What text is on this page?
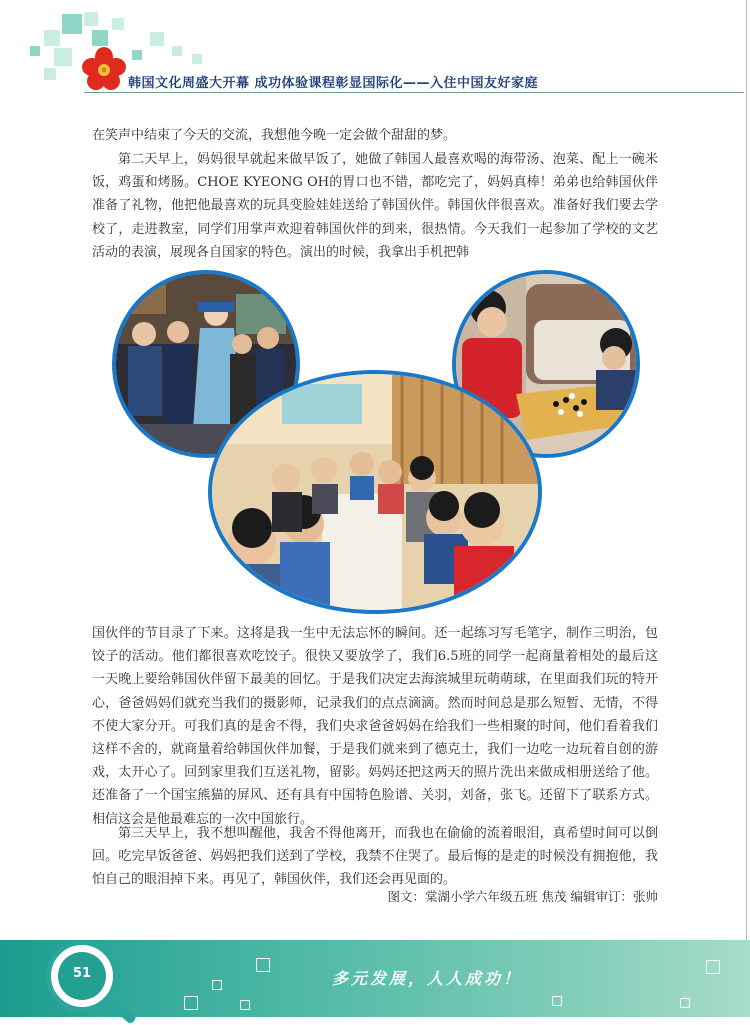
韩国文化周盛大开幕 成功体验课程彰显国际化——入住中国友好家庭

在笑声中结束了今天的交流，我想他今晚一定会做个甜甜的梦。

第二天早上，妈妈很早就起来做早饭了，她做了韩国人最喜欢喝的海带汤、泡菜、配上一碗米饭，鸡蛋和烤肠。CHOE KYEONG OH的胃口也不错，都吃完了，妈妈真棒！弟弟也给韩国伙伴准备了礼物，他把他最喜欢的玩具变脸娃娃送给了韩国伙伴。韩国伙伴很喜欢。准备好我们要去学校了，走进教室，同学们用掌声欢迎着韩国伙伴的到来，很热情。今天我们一起参加了学校的文艺活动的表演，展现各自国家的特色。演出的时候，我拿出手机把韩

国伙伴的节目录了下来。这将是我一生中无法忘怀的瞬间。还一起练习写毛笔字，制作三明治，包饺子的活动。他们都很喜欢吃饺子。很快又要放学了，我们6.5班的同学一起商量着相处的最后这一天晚上要给韩国伙伴留下最美的回忆。于是我们决定去海滨城里玩萌萌球，在里面我们玩的特开心，爸爸妈妈们就充当我们的摄影师，记录我们的点点滴滴。然而时间总是那么短暂、无情，不得不使大家分开。可我们真的是舍不得，我们央求爸爸妈妈在给我们一些相聚的时间，他们看着我们这样不舍的，就商量着给韩国伙伴加餐，于是我们就来到了德克士，我们一边吃一边玩着自创的游戏，太开心了。回到家里我们互送礼物，留影。妈妈还把这两天的照片洗出来做成相册送给了他。还准备了一个国宝熊猫的屏风、还有具有中国特色脸谱、关羽，刘备，张飞。还留下了联系方式。相信这会是他最难忘的一次中国旅行。

第三天早上，我不想叫醒他，我舍不得他离开，而我也在偷偷的流着眼泪，真希望时间可以倒回。吃完早饭爸爸、妈妈把我们送到了学校，我禁不住哭了。最后悔的是走的时候没有拥抱他，我怕自己的眼泪掉下来。再见了，韩国伙伴，我们还会再见面的。

图文：棠湖小学六年级五班 焦茂 编辑审订：张帅
多元发展，人人成功！
51
